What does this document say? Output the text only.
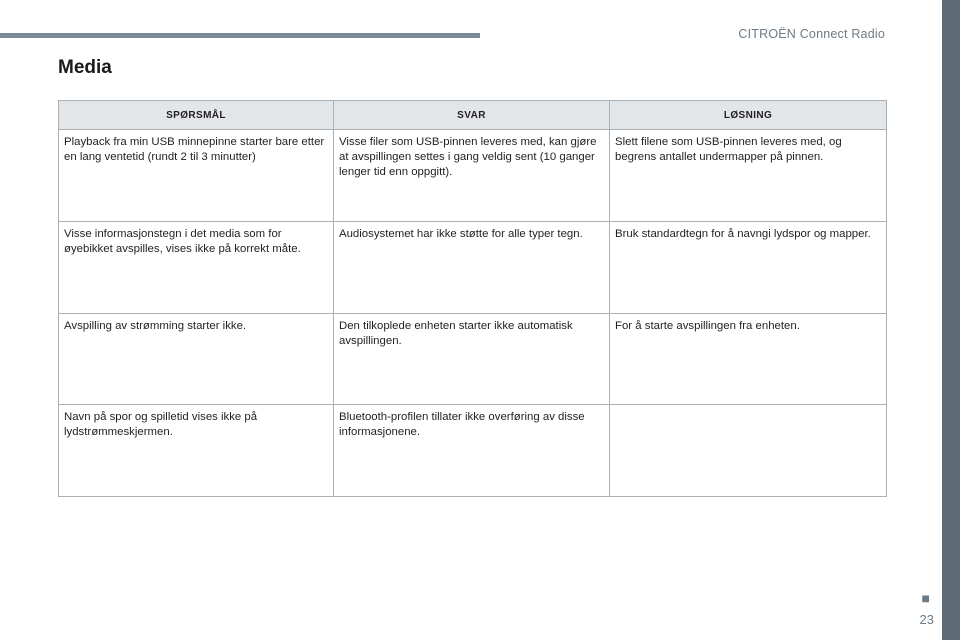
CITROËN Connect Radio
Media
SPØRSMÅL	SVAR	LØSNING
Playback fra min USB minnepinne starter bare etter en lang ventetid (rundt 2 til 3 minutter)	Visse filer som USB-pinnen leveres med, kan gjøre at avspillingen settes i gang veldig sent (10 ganger lenger tid enn oppgitt).	Slett filene som USB-pinnen leveres med, og begrens antallet undermapper på pinnen.
Visse informasjonstegn i det media som for øyebikket avspilles, vises ikke på korrekt måte.	Audiosystemet har ikke støtte for alle typer tegn.	Bruk standardtegn for å navngi lydspor og mapper.
Avspilling av strømming starter ikke.	Den tilkoplede enheten starter ikke automatisk avspillingen.	For å starte avspillingen fra enheten.
Navn på spor og spilletid vises ikke på lydstrømmeskjermen.	Bluetooth-profilen tillater ikke overføring av disse informasjonene.	
■
23
